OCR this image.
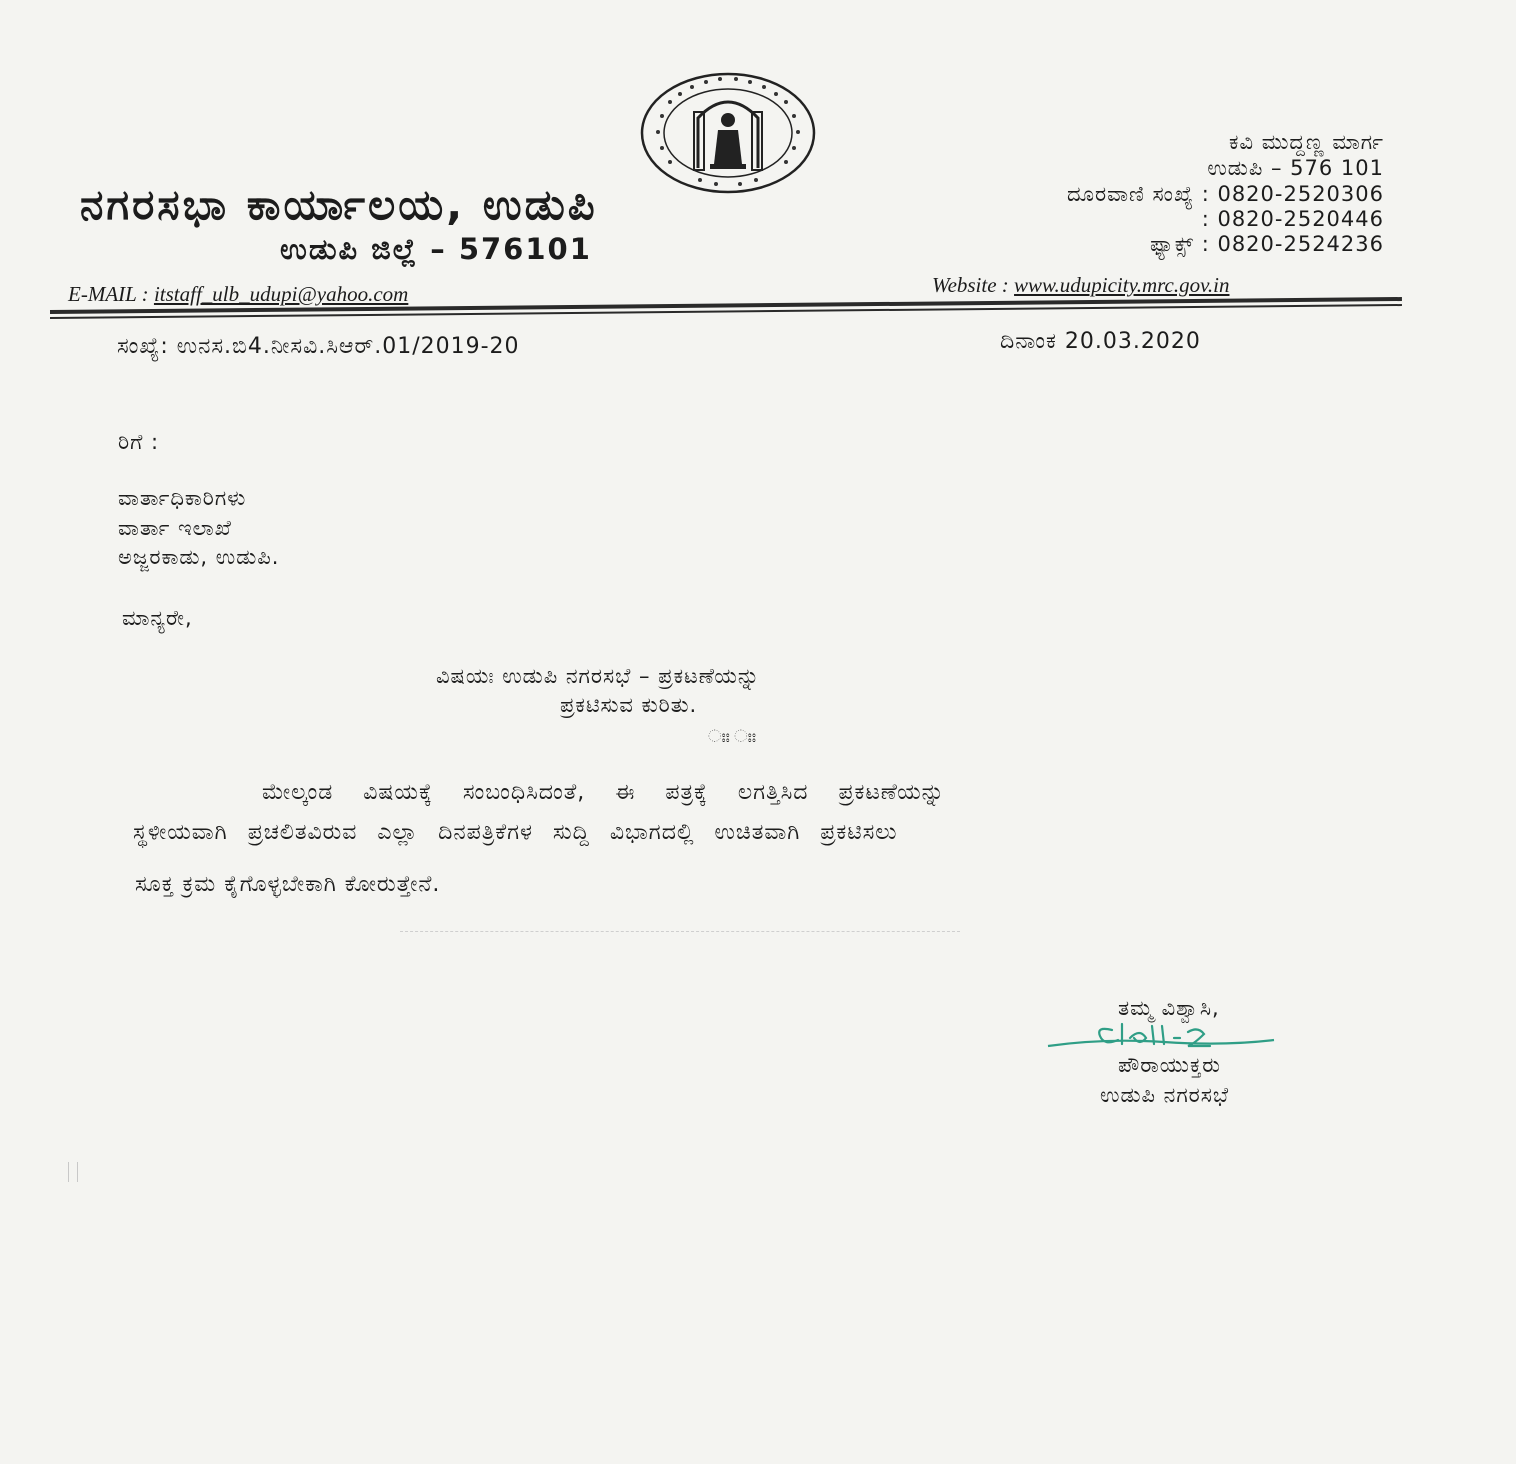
ನಗರಸಭಾ ಕಾರ್ಯಾಲಯ, ಉಡುಪಿ
ಉಡುಪಿ ಜಿಲ್ಲೆ – 576101
ಕವಿ ಮುದ್ದಣ್ಣ ಮಾರ್ಗ
ಉಡುಪಿ – 576 101
ದೂರವಾಣಿ ಸಂಖ್ಯೆ : 0820-2520306
: 0820-2520446
ಫ್ಯಾಕ್ಸ್ : 0820-2524236
E-MAIL : itstaff_ulb_udupi@yahoo.com	Website : www.udupicity.mrc.gov.in
ಸಂಖ್ಯೆ: ಉನಸ.ಬಿ4.ನೀಸವಿ.ಸಿಆರ್.01/2019-20	ದಿನಾಂಕ 20.03.2020
ರಿಗೆ :
ವಾರ್ತಾಧಿಕಾರಿಗಳು
ವಾರ್ತಾ ಇಲಾಖೆ
ಅಜ್ಜರಕಾಡು, ಉಡುಪಿ.
ಮಾನ್ಯರೇ,
ವಿಷಯಃ ಉಡುಪಿ ನಗರಸಭೆ – ಪ್ರಕಟಣೆಯನ್ನು
ಪ್ರಕಟಿಸುವ ಕುರಿತು.
ಃಃ ಃಃ
ಮೇಲ್ಕಂಡ ವಿಷಯಕ್ಕೆ ಸಂಬಂಧಿಸಿದಂತೆ, ಈ ಪತ್ರಕ್ಕೆ ಲಗತ್ತಿಸಿದ ಪ್ರಕಟಣೆಯನ್ನು
ಸ್ಥಳೀಯವಾಗಿ ಪ್ರಚಲಿತವಿರುವ ಎಲ್ಲಾ ದಿನಪತ್ರಿಕೆಗಳ ಸುದ್ದಿ ವಿಭಾಗದಲ್ಲಿ ಉಚಿತವಾಗಿ ಪ್ರಕಟಿಸಲು
ಸೂಕ್ತ ಕ್ರಮ ಕೈಗೊಳ್ಳಬೇಕಾಗಿ ಕೋರುತ್ತೇನೆ.
ತಮ್ಮ ವಿಶ್ವಾಸಿ,
ಪೌರಾಯುಕ್ತರು
ಉಡುಪಿ ನಗರಸಭೆ
